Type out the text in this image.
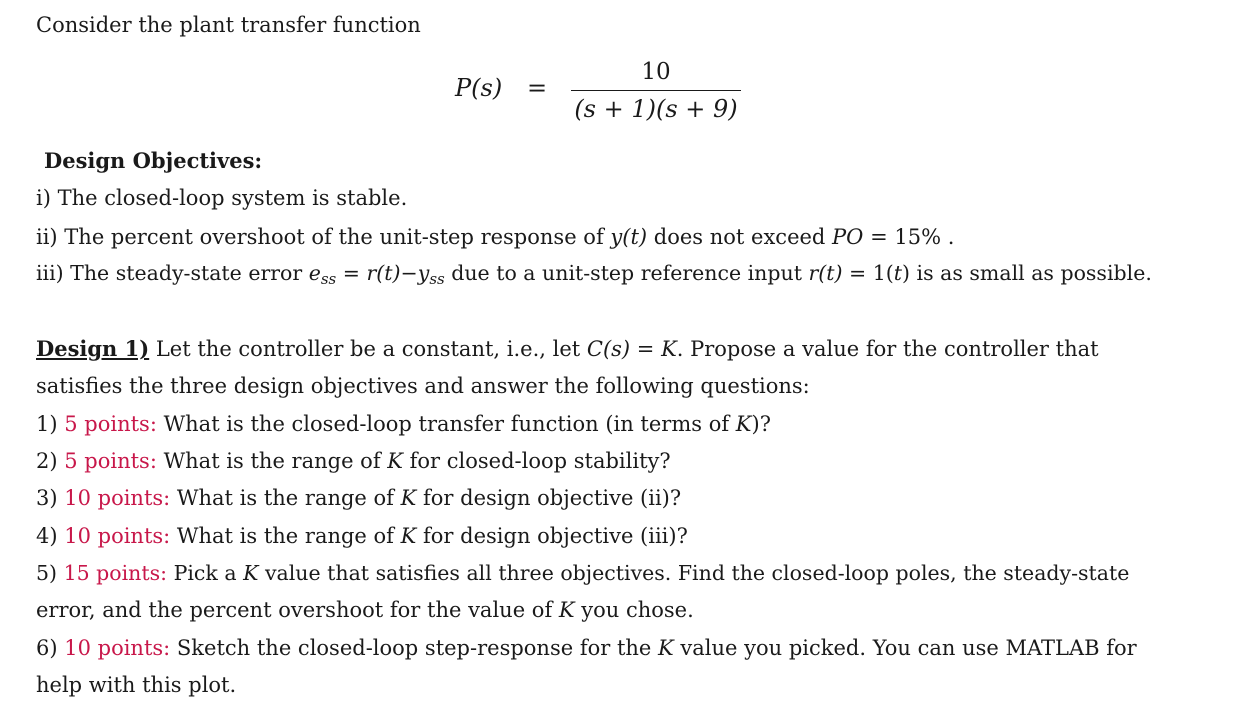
Consider the plant transfer function
P(s) =
10
(s + 1)(s + 9)
Design Objectives:
i) The closed-loop system is stable.
ii) The percent overshoot of the unit-step response of y(t) does not exceed PO = 15% .
iii) The steady-state error ess = r(t)−yss due to a unit-step reference input r(t) = 1(t) is as small as possible.
Design 1) Let the controller be a constant, i.e., let C(s) = K. Propose a value for the controller that
satisfies the three design objectives and answer the following questions:
1) 5 points: What is the closed-loop transfer function (in terms of K)?
2) 5 points: What is the range of K for closed-loop stability?
3) 10 points: What is the range of K for design objective (ii)?
4) 10 points: What is the range of K for design objective (iii)?
5) 15 points: Pick a K value that satisfies all three objectives. Find the closed-loop poles, the steady-state
error, and the percent overshoot for the value of K you chose.
6) 10 points: Sketch the closed-loop step-response for the K value you picked. You can use MATLAB for
help with this plot.
